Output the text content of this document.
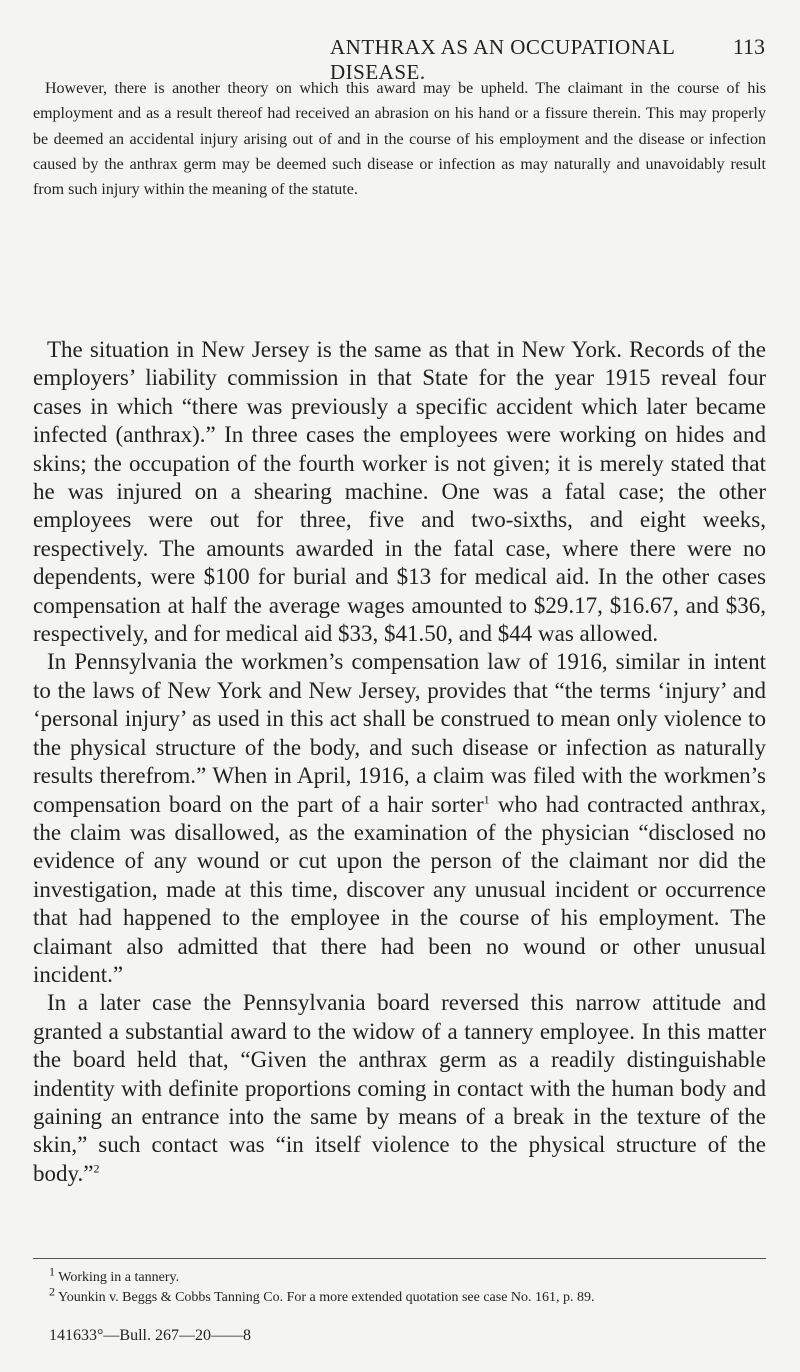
ANTHRAX AS AN OCCUPATIONAL DISEASE.
113

However, there is another theory on which this award may be upheld. The claimant in the course of his employment and as a result thereof had received an abrasion on his hand or a fissure therein. This may properly be deemed an accidental injury arising out of and in the course of his employment and the disease or infection caused by the anthrax germ may be deemed such disease or infection as may naturally and unavoidably result from such injury within the meaning of the statute.

The situation in New Jersey is the same as that in New York. Records of the employers’ liability commission in that State for the year 1915 reveal four cases in which “there was previously a specific accident which later became infected (anthrax).” In three cases the employees were working on hides and skins; the occupation of the fourth worker is not given; it is merely stated that he was injured on a shearing machine. One was a fatal case; the other employees were out for three, five and two-sixths, and eight weeks, respectively. The amounts awarded in the fatal case, where there were no dependents, were $100 for burial and $13 for medical aid. In the other cases compensation at half the average wages amounted to $29.17, $16.67, and $36, respectively, and for medical aid $33, $41.50, and $44 was allowed.

In Pennsylvania the workmen’s compensation law of 1916, similar in intent to the laws of New York and New Jersey, provides that “the terms ‘injury’ and ‘personal injury’ as used in this act shall be construed to mean only violence to the physical structure of the body, and such disease or infection as naturally results therefrom.” When in April, 1916, a claim was filed with the workmen’s compensation board on the part of a hair sorter$^1$ who had contracted anthrax, the claim was disallowed, as the examination of the physician “disclosed no evidence of any wound or cut upon the person of the claimant nor did the investigation, made at this time, discover any unusual incident or occurrence that had happened to the employee in the course of his employment. The claimant also admitted that there had been no wound or other unusual incident.”

In a later case the Pennsylvania board reversed this narrow attitude and granted a substantial award to the widow of a tannery employee. In this matter the board held that, “Given the anthrax germ as a readily distinguishable indentity with definite proportions coming in contact with the human body and gaining an entrance into the same by means of a break in the texture of the skin,” such contact was “in itself violence to the physical structure of the body.”$^2$

$^1$ Working in a tannery.

$^2$ Younkin v. Beggs & Cobbs Tanning Co. For a more extended quotation see case No. 161, p. 89.

141633°—Bull. 267—20——8
